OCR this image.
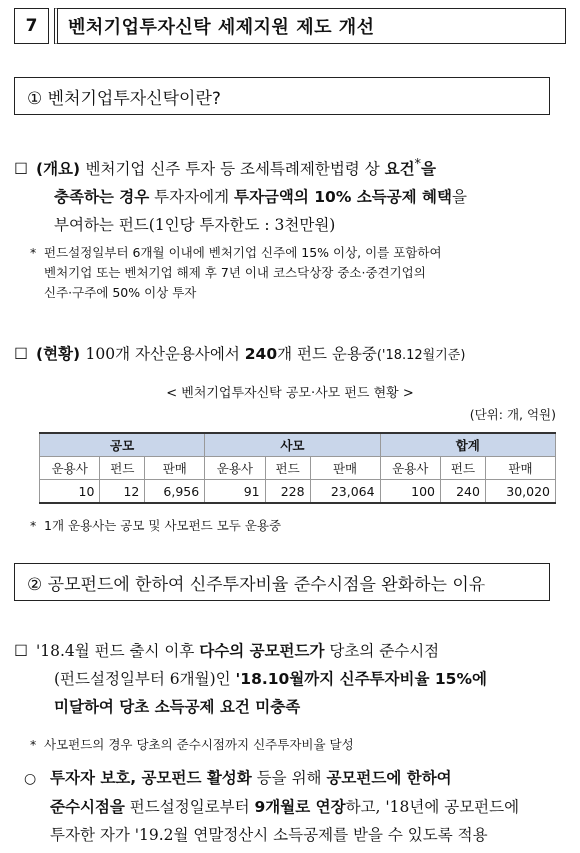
7	벤처기업투자신탁 세제지원 제도 개선
① 벤처기업투자신탁이란?
☐ (개요) 벤처기업 신주 투자 등 조세특례제한법령 상 요건*을
충족하는 경우 투자자에게 투자금액의 10% 소득공제 혜택을
부여하는 펀드(1인당 투자한도 : 3천만원)
* 펀드설정일부터 6개월 이내에 벤처기업 신주에 15% 이상, 이를 포함하여
벤처기업 또는 벤처기업 해제 후 7년 이내 코스닥상장 중소·중견기업의
신주·구주에 50% 이상 투자
☐ (현황) 100개 자산운용사에서 240개 펀드 운용중('18.12월기준)
< 벤처기업투자신탁 공모·사모 펀드 현황 >
(단위: 개, 억원)
공모			사모			합계		
운용사	펀드	판매	운용사	펀드	판매	운용사	펀드	판매
10	12	6,956	91	228	23,064	100	240	30,020
* 1개 운용사는 공모 및 사모펀드 모두 운용중
② 공모펀드에 한하여 신주투자비율 준수시점을 완화하는 이유
☐ '18.4월 펀드 출시 이후 다수의 공모펀드가 당초의 준수시점
(펀드설정일부터 6개월)인 '18.10월까지 신주투자비율 15%에
미달하여 당초 소득공제 요건 미충족
* 사모펀드의 경우 당초의 준수시점까지 신주투자비율 달성
○ 투자자 보호, 공모펀드 활성화 등을 위해 공모펀드에 한하여
준수시점을 펀드설정일로부터 9개월로 연장하고, '18년에 공모펀드에
투자한 자가 '19.2월 연말정산시 소득공제를 받을 수 있도록 적용
